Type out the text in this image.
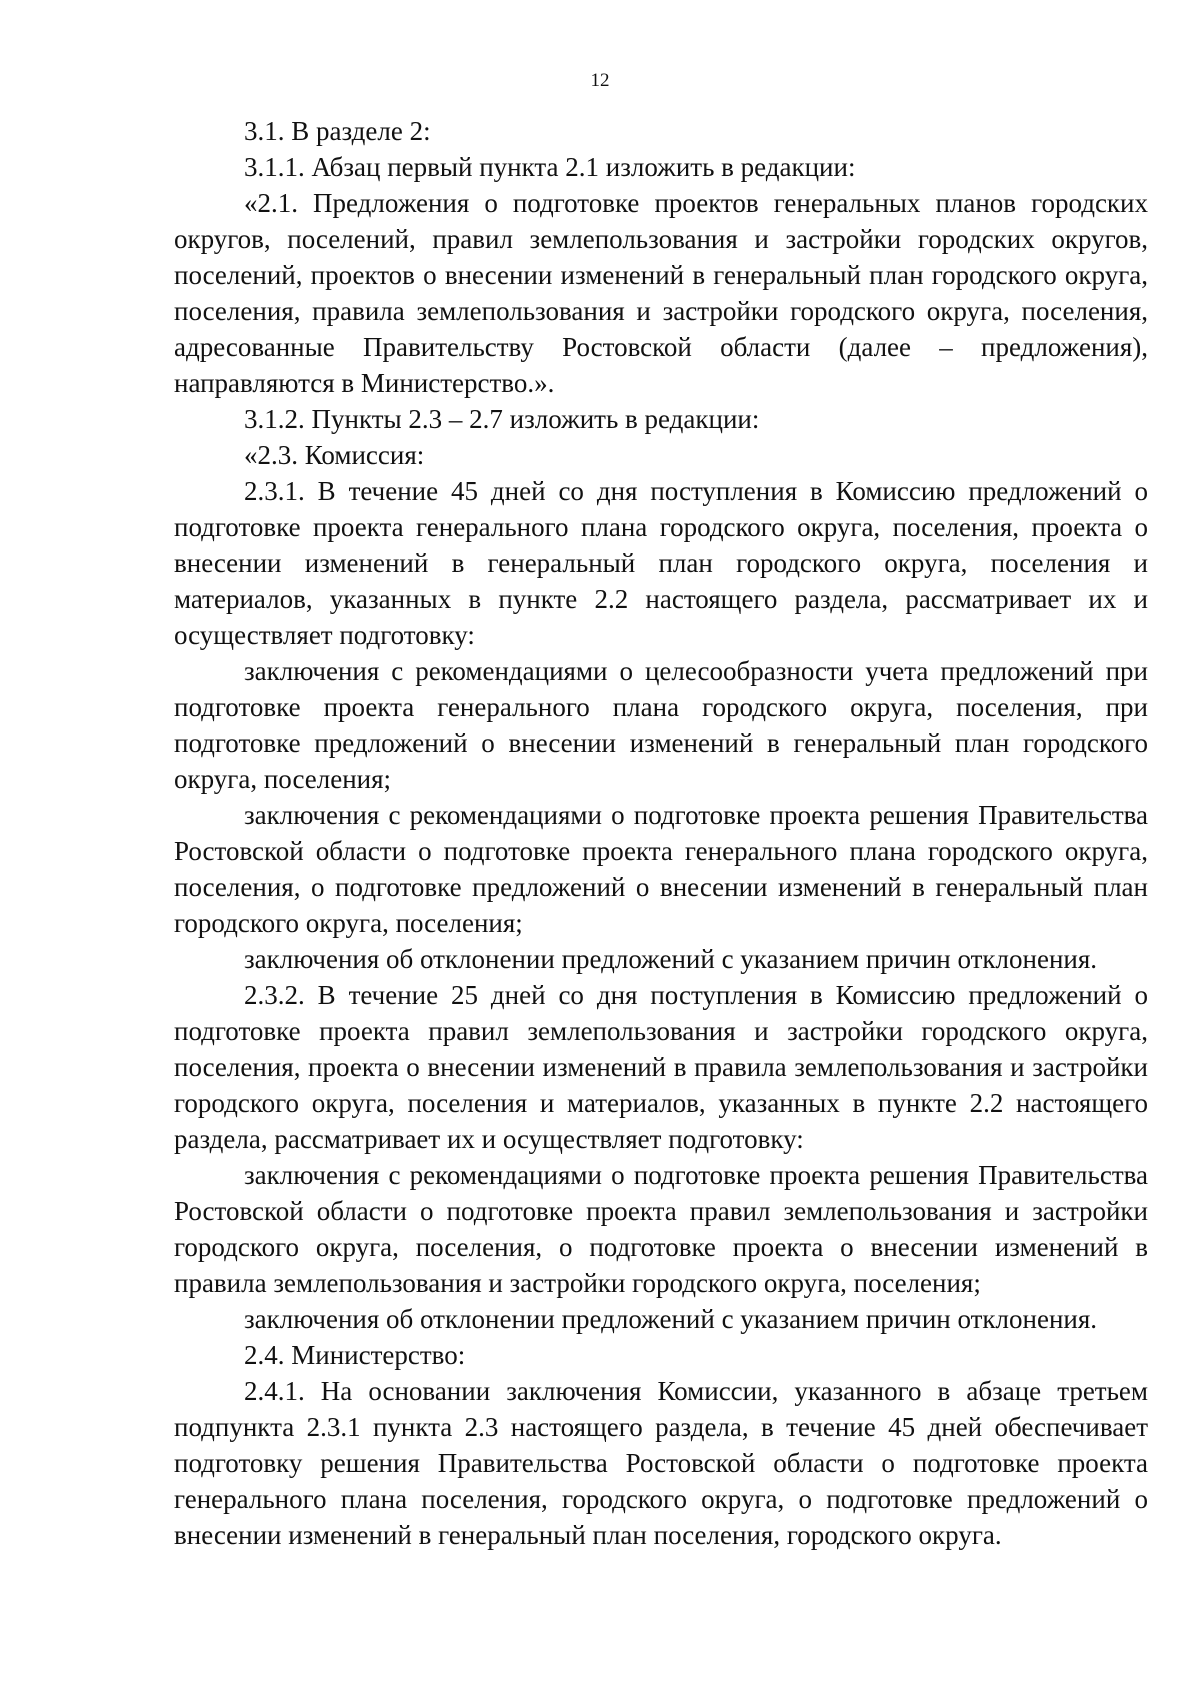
12

3.1. В разделе 2:

3.1.1. Абзац первый пункта 2.1 изложить в редакции:

«2.1. Предложения о подготовке проектов генеральных планов городских округов, поселений, правил землепользования и застройки городских округов, поселений, проектов о внесении изменений в генеральный план городского округа, поселения, правила землепользования и застройки городского округа, поселения, адресованные Правительству Ростовской области (далее – предложения), направляются в Министерство.».

3.1.2. Пункты 2.3 – 2.7 изложить в редакции:

«2.3. Комиссия:

2.3.1. В течение 45 дней со дня поступления в Комиссию предложений о подготовке проекта генерального плана городского округа, поселения, проекта о внесении изменений в генеральный план городского округа, поселения и материалов, указанных в пункте 2.2 настоящего раздела, рассматривает их и осуществляет подготовку:

заключения с рекомендациями о целесообразности учета предложений при подготовке проекта генерального плана городского округа, поселения, при подготовке предложений о внесении изменений в генеральный план городского округа, поселения;

заключения с рекомендациями о подготовке проекта решения Правительства Ростовской области о подготовке проекта генерального плана городского округа, поселения, о подготовке предложений о внесении изменений в генеральный план городского округа, поселения;

заключения об отклонении предложений с указанием причин отклонения.

2.3.2. В течение 25 дней со дня поступления в Комиссию предложений о подготовке проекта правил землепользования и застройки городского округа, поселения, проекта о внесении изменений в правила землепользования и застройки городского округа, поселения и материалов, указанных в пункте 2.2 настоящего раздела, рассматривает их и осуществляет подготовку:

заключения с рекомендациями о подготовке проекта решения Правительства Ростовской области о подготовке проекта правил землепользования и застройки городского округа, поселения, о подготовке проекта о внесении изменений в правила землепользования и застройки городского округа, поселения;

заключения об отклонении предложений с указанием причин отклонения.

2.4. Министерство:

2.4.1. На основании заключения Комиссии, указанного в абзаце третьем подпункта 2.3.1 пункта 2.3 настоящего раздела, в течение 45 дней обеспечивает подготовку решения Правительства Ростовской области о подготовке проекта генерального плана поселения, городского округа, о подготовке предложений о внесении изменений в генеральный план поселения, городского округа.
